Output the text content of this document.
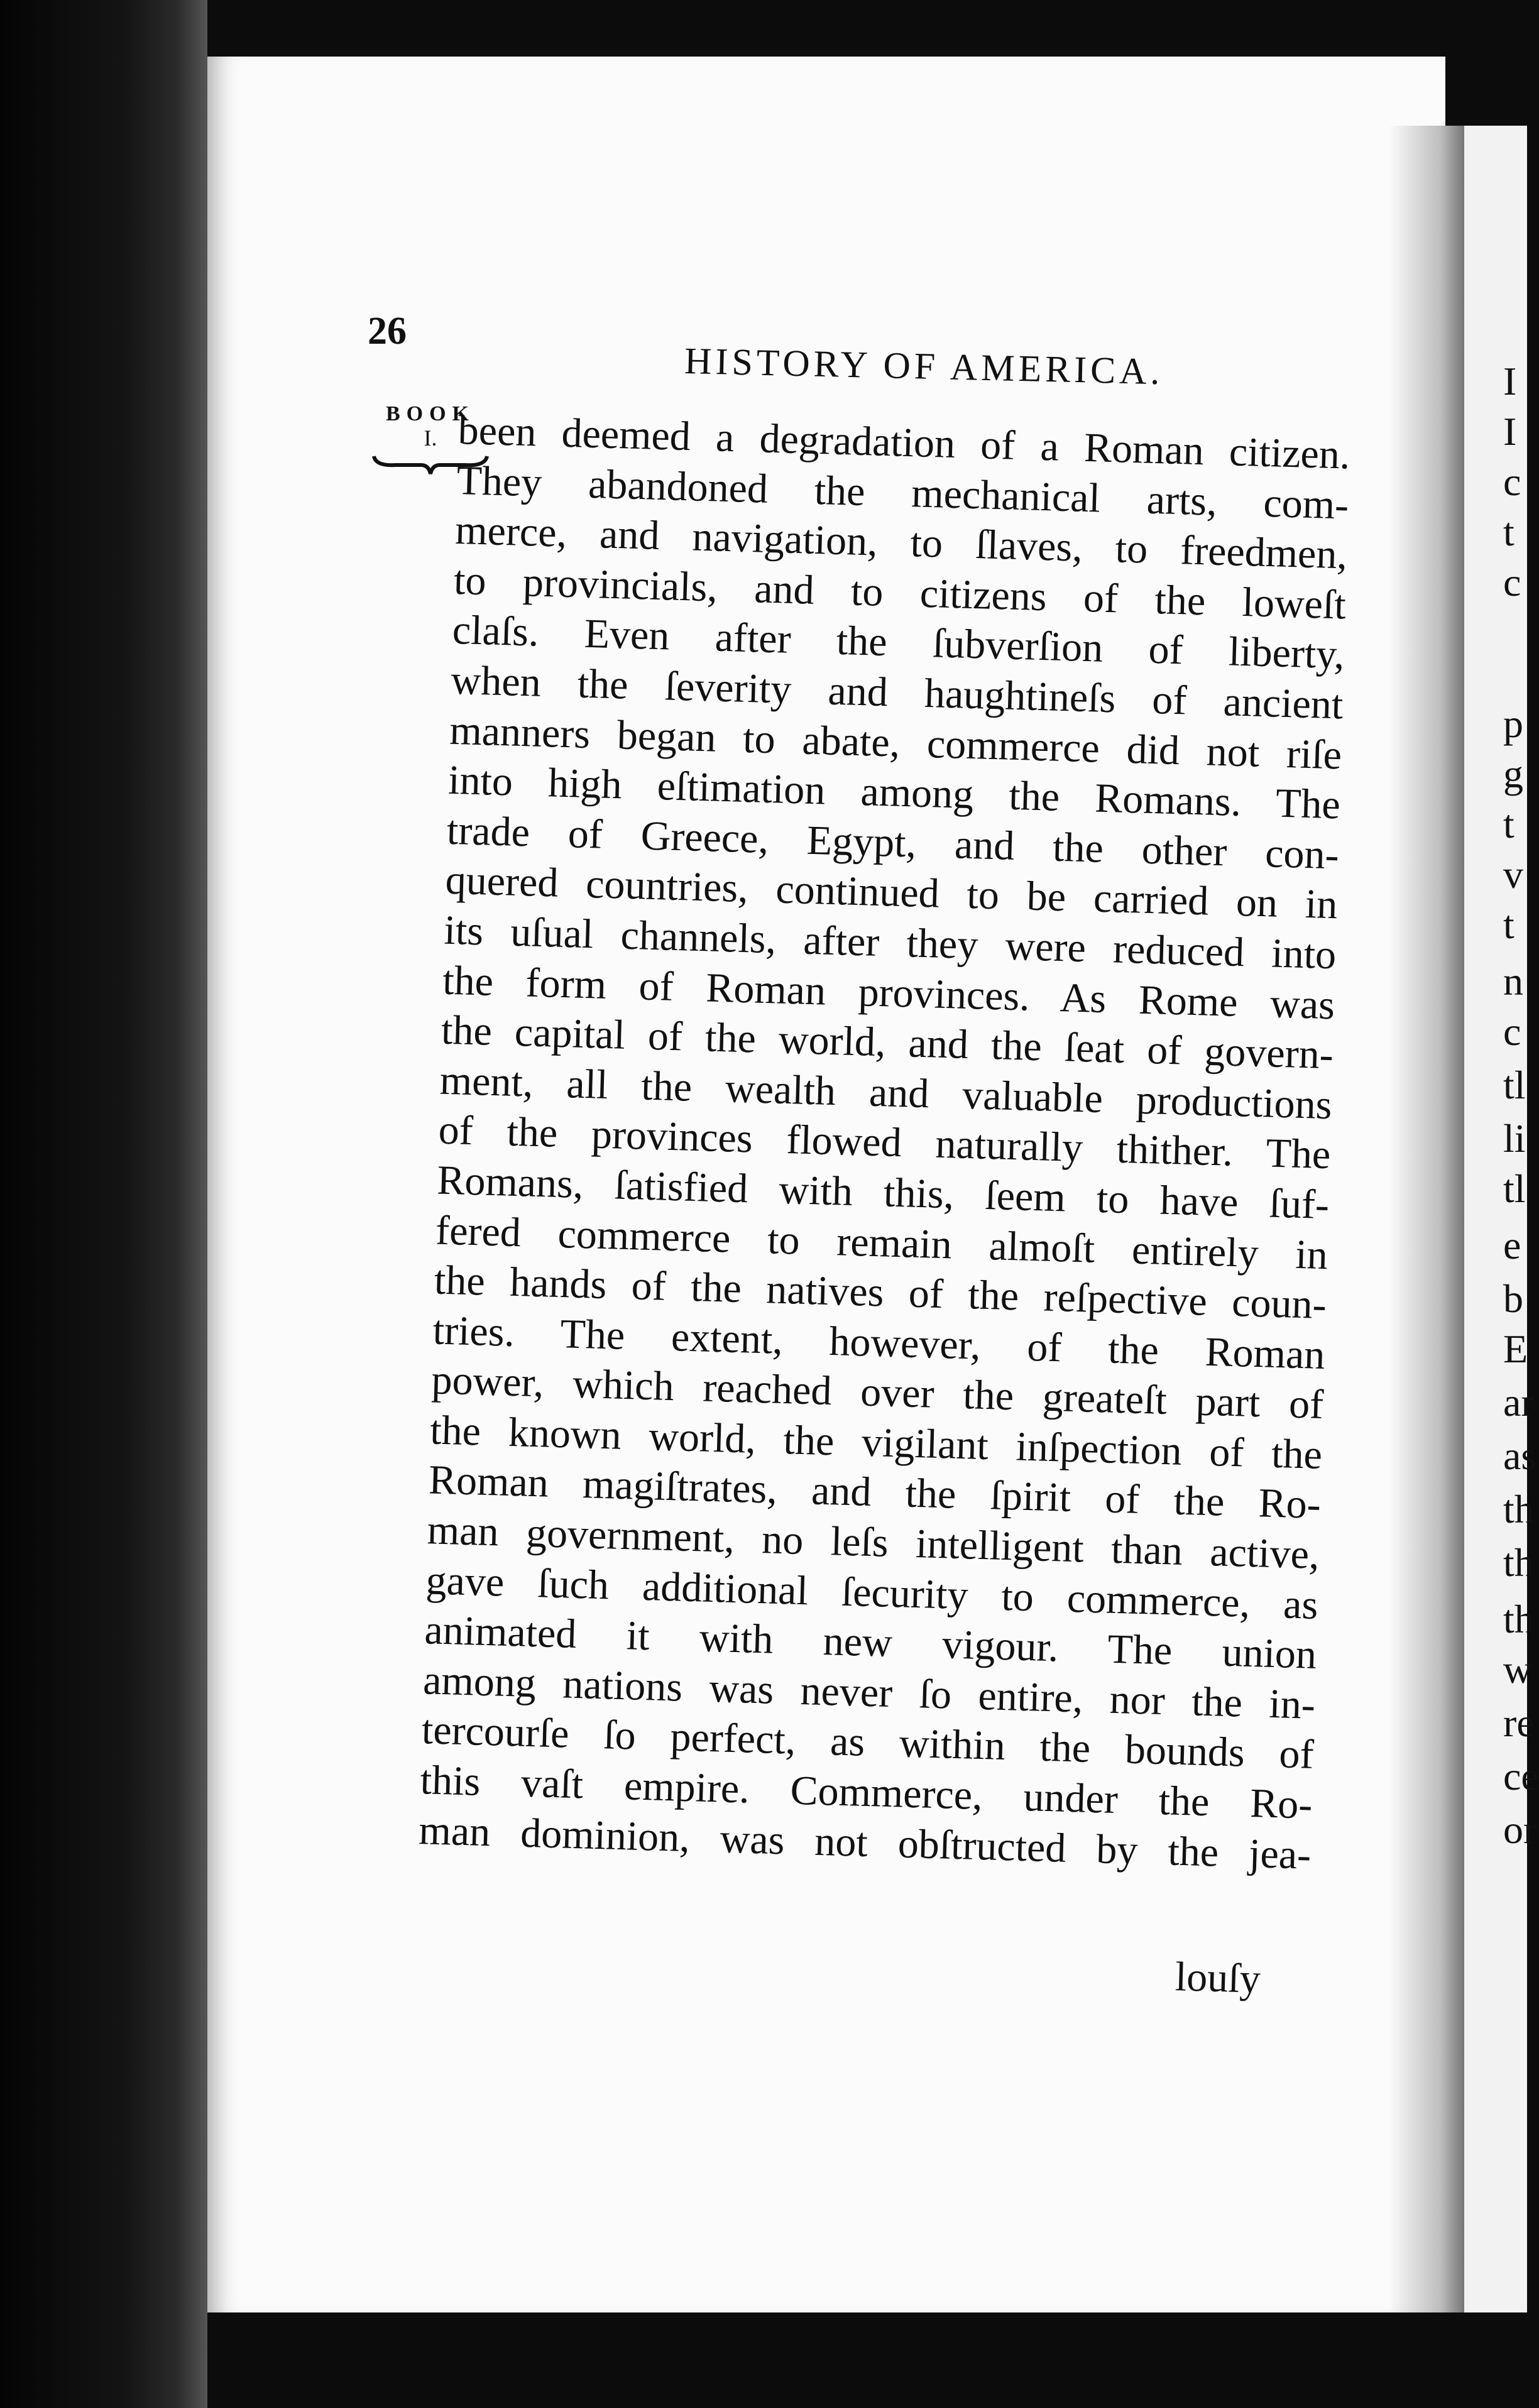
I
I
c
t
c
p
g
t
v
t
n
c
tl
li
tl
e
b
E
ar
as
th
th
th
w
re
ce
or
26
HISTORY OF AMERICA.
BOOK
I. been deemed a degradation of a Roman citizen.
They abandoned the mechanical arts, com-
merce, and navigation, to ſlaves, to freedmen,
to provincials, and to citizens of the loweſt
claſs. Even after the ſubverſion of liberty,
when the ſeverity and haughtineſs of ancient
manners began to abate, commerce did not riſe
into high eſtimation among the Romans. The
trade of Greece, Egypt, and the other con-
quered countries, continued to be carried on in
its uſual channels, after they were reduced into
the form of Roman provinces. As Rome was
the capital of the world, and the ſeat of govern-
ment, all the wealth and valuable productions
of the provinces flowed naturally thither. The
Romans, ſatisfied with this, ſeem to have ſuf-
fered commerce to remain almoſt entirely in
the hands of the natives of the reſpective coun-
tries. The extent, however, of the Roman
power, which reached over the greateſt part of
the known world, the vigilant inſpection of the
Roman magiſtrates, and the ſpirit of the Ro-
man government, no leſs intelligent than active,
gave ſuch additional ſecurity to commerce, as
animated it with new vigour. The union
among nations was never ſo entire, nor the in-
tercourſe ſo perfect, as within the bounds of
this vaſt empire. Commerce, under the Ro-
man dominion, was not obſtructed by the jea-
louſy
